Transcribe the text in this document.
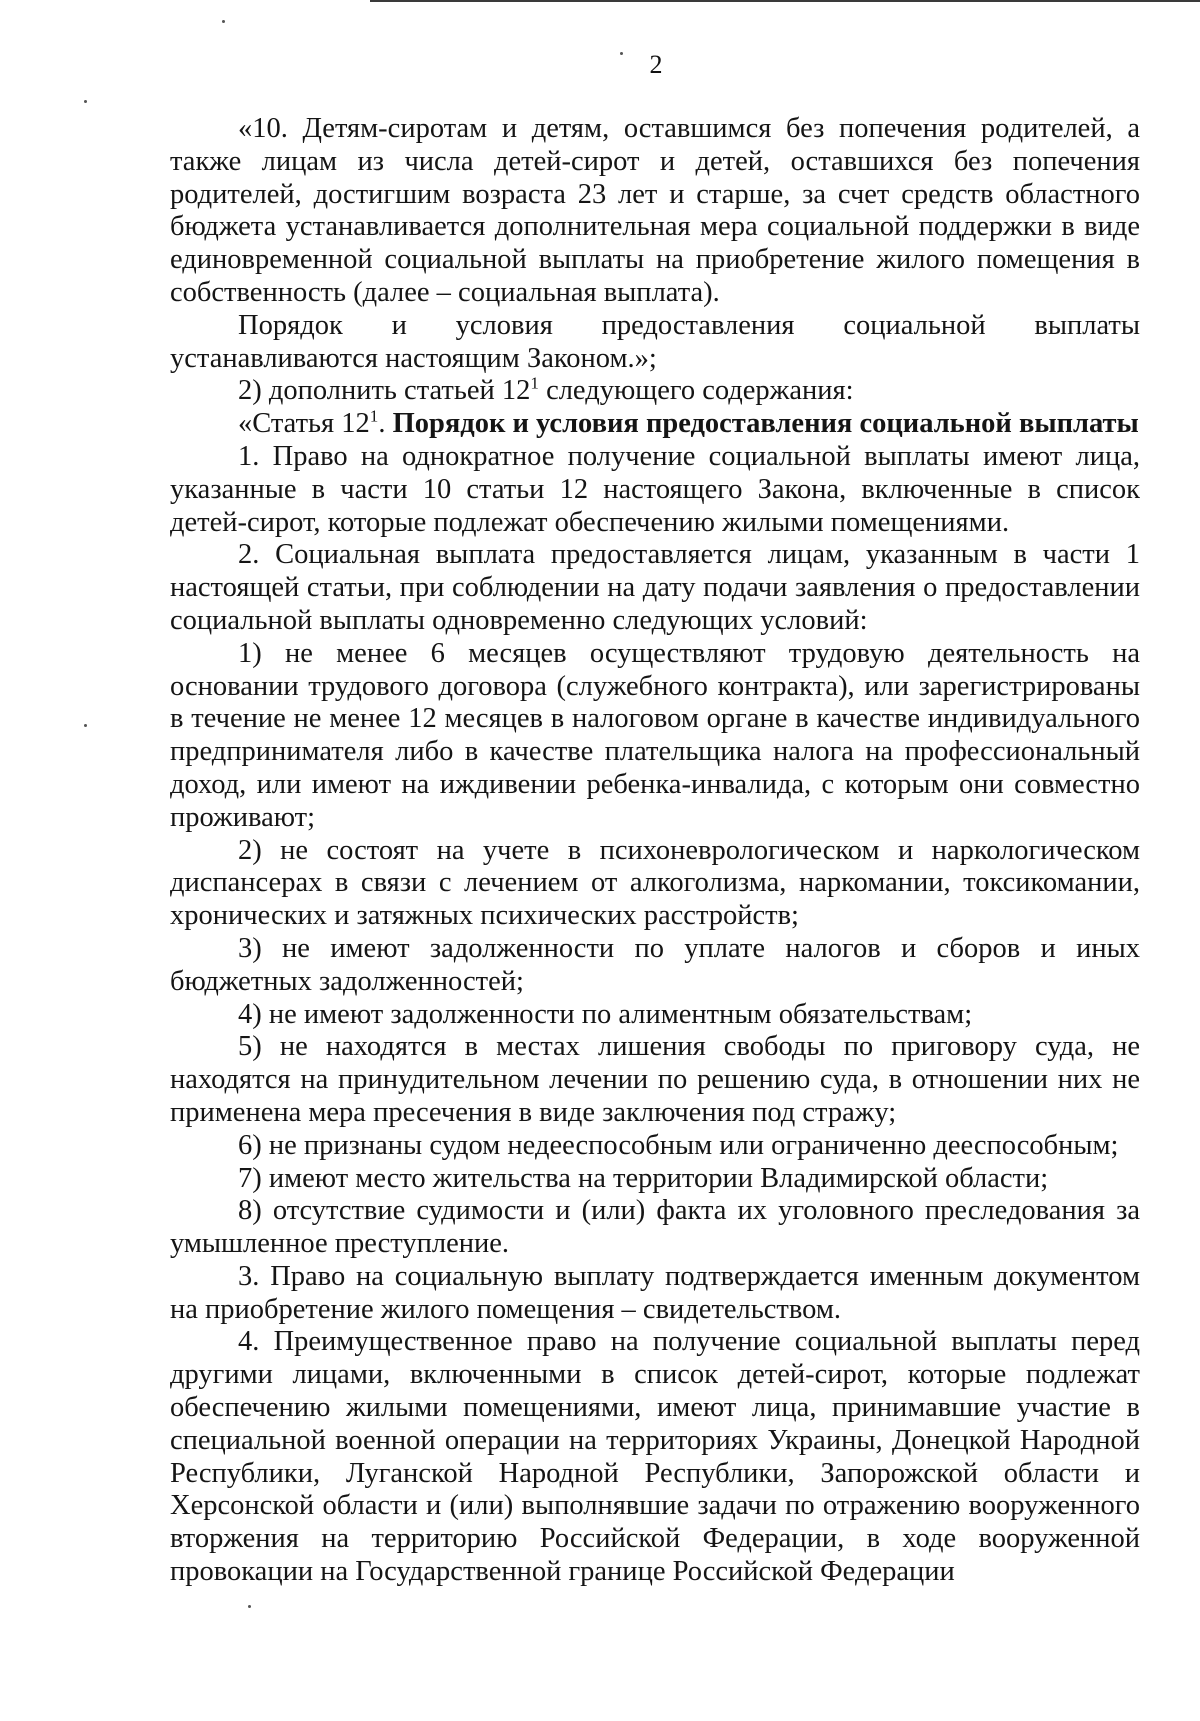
2

«10. Детям-сиротам и детям, оставшимся без попечения родителей, а также лицам из числа детей-сирот и детей, оставшихся без попечения родителей, достигшим возраста 23 лет и старше, за счет средств областного бюджета устанавливается дополнительная мера социальной поддержки в виде единовременной социальной выплаты на приобретение жилого помещения в собственность (далее – социальная выплата).

Порядок и условия предоставления социальной выплаты устанавливаются настоящим Законом.»;

2) дополнить статьей $12^1$ следующего содержания:

«Статья $12^1$. Порядок и условия предоставления социальной выплаты

1. Право на однократное получение социальной выплаты имеют лица, указанные в части 10 статьи 12 настоящего Закона, включенные в список детей-сирот, которые подлежат обеспечению жилыми помещениями.

2. Социальная выплата предоставляется лицам, указанным в части 1 настоящей статьи, при соблюдении на дату подачи заявления о предоставлении социальной выплаты одновременно следующих условий:

1) не менее 6 месяцев осуществляют трудовую деятельность на основании трудового договора (служебного контракта), или зарегистрированы в течение не менее 12 месяцев в налоговом органе в качестве индивидуального предпринимателя либо в качестве плательщика налога на профессиональный доход, или имеют на иждивении ребенка-инвалида, с которым они совместно проживают;

2) не состоят на учете в психоневрологическом и наркологическом диспансерах в связи с лечением от алкоголизма, наркомании, токсикомании, хронических и затяжных психических расстройств;

3) не имеют задолженности по уплате налогов и сборов и иных бюджетных задолженностей;

4) не имеют задолженности по алиментным обязательствам;

5) не находятся в местах лишения свободы по приговору суда, не находятся на принудительном лечении по решению суда, в отношении них не применена мера пресечения в виде заключения под стражу;

6) не признаны судом недееспособным или ограниченно дееспособным;

7) имеют место жительства на территории Владимирской области;

8) отсутствие судимости и (или) факта их уголовного преследования за умышленное преступление.

3. Право на социальную выплату подтверждается именным документом на приобретение жилого помещения – свидетельством.

4. Преимущественное право на получение социальной выплаты перед другими лицами, включенными в список детей-сирот, которые подлежат обеспечению жилыми помещениями, имеют лица, принимавшие участие в специальной военной операции на территориях Украины, Донецкой Народной Республики, Луганской Народной Республики, Запорожской области и Херсонской области и (или) выполнявшие задачи по отражению вооруженного вторжения на территорию Российской Федерации, в ходе вооруженной провокации на Государственной границе Российской Федерации
